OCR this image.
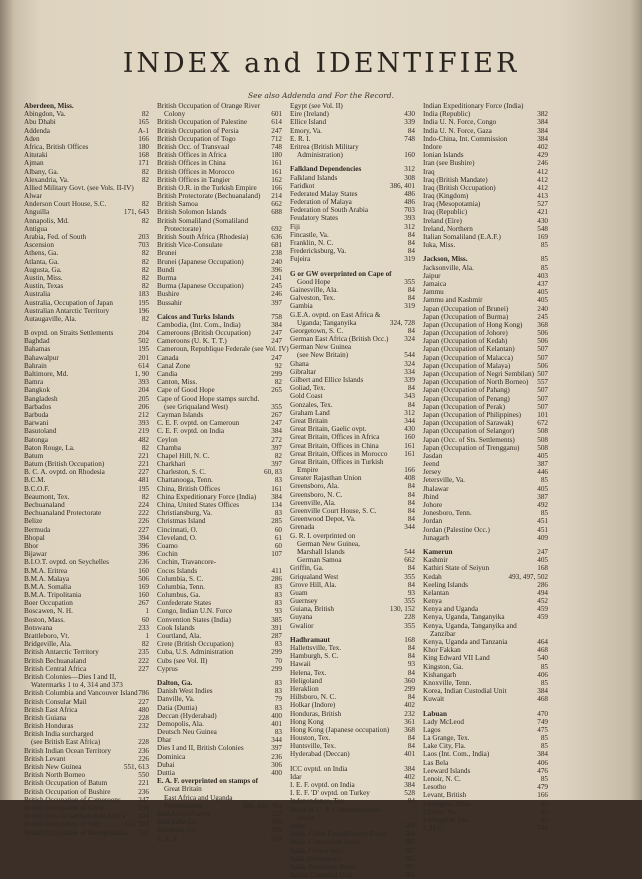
INDEX and IDENTIFIER
See also Addenda and For the Record.
Aberdeen, Miss.
Abingdon, Va.	82
Abu Dhabi	165
Addenda	A-1
Aden	166
Africa, British Offices	180
Aitutaki	168
Ajman	171
Albany, Ga.	82
Alexandria, Va.	82
Allied Military Govt. (see Vols. II-IV)
Alwar
Anderson Court House, S.C.	82
Anguilla	171, 643
Annapolis, Md.	82
Antigua
Arabia, Fed. of South	203
Ascension	703
Athens, Ga.	82
Atlanta, Ga.	82
Augusta, Ga.	82
Austin, Miss.	82
Austin, Texas	82
Australia	183
Australia, Occupation of Japan	195
Australian Antarctic Territory	196
Autaugaville, Ala.	82
B ovptd. on Straits Settlements	204
Baghdad	502
Bahamas	195
Bahawalpur	201
Bahrain	614
Baltimore, Md.	1, 90
Bamra	393
Bangkok	204
Bangladesh	205
Barbados	206
Barbuda	212
Barwani	393
Basutoland	219
Batonga	482
Baton Rouge, La.	82
Batum	221
Batum (British Occupation)	221
B. C. A. ovptd. on Rhodesia	227
B.C.M.	481
B.C.O.F.	195
Beaumont, Tex.	82
Bechuanaland	224
Bechuanaland Protectorate	222
Belize	226
Bermuda	227
Bhopal	394
Bhor	396
Bijawar	396
B.I.O.T. ovptd. on Seychelles	236
B.M.A. Eritrea	160
B.M.A. Malaya	506
B.M.A. Somalia	169
B.M.A. Tripolitania	160
Boer Occupation	267
Boscawen, N. H.	1
Boston, Mass.	60
Botswana	233
Brattleboro, Vt.	1
Bridgeville, Ala.	82
British Antarctic Territory	235
British Bechuanaland	222
British Central Africa	227
British Colonies—Dies I and II,
Watermarks 1 to 4, 314 and 373
British Columbia and Vancouver Island 786
British Consular Mail	227
British East Africa	480
British Guiana	228
British Honduras	232
British India surcharged
(see British East Africa)	228
British Indian Ocean Territory	236
British Levant	226
British New Guinea	551, 613
British North Borneo	550
British Occupation of Batum	221
British Occupation of Bushire	236
British Occupation of Cameroons 247
British Occupation of Crete	299
British Occ. of German East Africa 324
British Occupation of Iraq	412, 324
British Occupation of Mesopotamia 527
British Occupation of Orange River
Colony	601
British Occupation of Palestine	614
British Occupation of Persia	247
British Occupation of Togo	712
British Occ. of Transvaal	748
British Offices in Africa	180
British Offices in China	161
British Offices in Morocco	161
British Offices in Tangier	162
British O.R. in the Turkish Empire 166
British Protectorate (Bechuanaland) 214
British Samoa	662
British Solomon Islands	688
British Somaliland (Somaliland
Protectorate)	692
British South Africa (Rhodesia)	636
British Vice-Consulate	681
Brunei	238
Brunei (Japanese Occupation)	240
Bundi	396
Burma	241
Burma (Japanese Occupation)	245
Bushire	246
Bussahir	397
Caicos and Turks Islands	758
Cambodia, (Int. Com., India)	384
Cameroons (British Occupation)	247
Cameroons (U. K. T. T.)	247
Cameroun, Republique Federale (see Vol. IV)
Canada	247
Canal Zone	92
Candia	299
Canton, Miss.	82
Cape of Good Hope	265
Cape of Good Hope stamps surchd.
(see Griqualand West)	355
Cayman Islands	267
C. E. F. ovptd. on Cameroun	247
C. E. F. ovptd. on India	384
Ceylon	272
Chamba	397
Chapel Hill, N. C.	82
Charkhari	397
Charleston, S. C.	60, 83
Chattanooga, Tenn.	83
China, British Offices	161
China Expeditionary Force (India) 384
China, United States Offices	134
Christiansburg, Va.	83
Christmas Island	285
Cincinnati, O.	60
Cleveland, O.	61
Coamo	60
Cochin	107
Cochin, Travancore-
Cocos Islands	411
Columbia, S. C.	286
Columbia, Tenn.	83
Columbus, Ga.	83
Confederate States	83
Congo, Indian U.N. Force	93
Convention States (India)	385
Cook Islands	391
Courtland, Ala.	287
Crete (British Occupation)	83
Cuba, U.S. Administration	299
Cubs (see Vol. II)	70
Cyprus	299
Dalton, Ga.	83
Danish West Indies	83
Danville, Va.	79
Datia (Duttia)	83
Deccan (Hyderabad)	400
Demopolis, Ala.	401
Deutsch Neu Guinea	83
Dhar	344
Dies I and II, British Colonies	397
Dominica	236
Dubai	306
Duttia	400
E. A. F. overprinted on stamps of
Great Britain
East Africa and Uganda
Protectorates	308, 459, 764
East Africa Forces	227
East India Co.	160
Eatonton, Ga.	369
E. E. F.	614
Egypt (see Vol. II)
Eire (Ireland)	430
Ellice Island	339
Emory, Va.	84
E. R. I.	748
Eritrea (British Military
Administration)	160
Falkland Dependencies	312
Falkland Islands	308
Faridkot	386, 401
Federated Malay States	486
Federation of Malaya	486
Federation of South Arabia	703
Feudatory States	393
Fiji	312
Fincastle, Va.	84
Franklin, N. C.	84
Fredericksburg, Va.	84
Fujeira	319
G or GW overprinted on Cape of
Good Hope	355
Gainesville, Ala.	84
Galveston, Tex.	84
Gambia	319
G.E.A. ovptd. on East Africa &
Uganda; Tanganyika	324, 728
Georgetown, S. C.	84
German East Africa (British Occ.) 324
German New Guinea
(see New Britain)	544
Ghana	324
Gibraltar	334
Gilbert and Ellice Islands	339
Goliad, Tex.	84
Gold Coast	343
Gonzales, Tex.	84
Graham Land	312
Great Britain	344
Great Britain, Gaelic ovpt.	430
Great Britain, Offices in Africa	160
Great Britain, Offices in China	161
Great Britain, Offices in Morocco 161
Great Britain, Offices in Turkish
Empire	166
Greater Rajasthan Union	408
Greensboro, Ala.	84
Greensboro, N. C.	84
Greenville, Ala.	84
Greenville Court House, S. C.	84
Greenwood Depot, Va.	84
Grenada	344
G. R. I. overprinted on
German New Guinea,
Marshall Islands	544
German Samoa	662
Griffin, Ga.	84
Griqualand West	355
Grove Hill, Ala.	84
Guam	93
Guernsey	355
Guiana, British	130, 152
Guyana	228
Gwalior	355
Hadhramaut	168
Hallettsville, Tex.	84
Hamburgh, S. C.	84
Hawaii	93
Helena, Tex.	84
Heligoland	360
Heraklion	299
Hillsboro, N. C.	84
Holkar (Indore)	402
Honduras, British	232
Hong Kong	361
Hong Kong (Japanese occupation) 368
Houston, Tex.	84
Huntsville, Tex.	84
Hyderabad (Deccan)	401
ICC ovptd. on India	384
Idar	402
I. E. F. ovptd. on India	384
I. E. F. 'D' ovptd. on Turkey	528
Independence, Tex.	84
Index of U. S. Commemorative
Issues
India	369
India, China Expeditionary Force	384
India, Convention States	385
India, Crown ovpt.	387
India (Dominion)	382
India, Feudatory States	393
Indian Custodial Unit	384
Indian Expeditionary Force (India)
India (Republic)	382
India U. N. Force, Congo	384
India U. N. Force, Gaza	384
Indo-China, Int. Commission	384
Indore	402
Ionian Islands	429
Iran (see Bushire)	246
Iraq	412
Iraq (British Mandate)	412
Iraq (British Occupation)	412
Iraq (Kingdom)	413
Iraq (Mesopotamia)	527
Iraq (Republic)	421
Ireland (Eire)	430
Ireland, Northern	548
Italian Somaliland (E.A.F.)	169
Iuka, Miss.	85
Jackson, Miss.	85
Jacksonville, Ala.	85
Jaipur	403
Jamaica	437
Jammu	405
Jammu and Kashmir	405
Japan (Occupation of Brunei)	240
Japan (Occupation of Burma)	245
Japan (Occupation of Hong Kong) 368
Japan (Occupation of Johore)	506
Japan (Occupation of Kedah)	506
Japan (Occupation of Kelantan)	507
Japan (Occupation of Malacca)	507
Japan (Occupation of Malaya)	506
Japan (Occupation of Negri Sembilan) 507
Japan (Occupation of North Borneo) 557
Japan (Occupation of Pahang)	507
Japan (Occupation of Penang)	507
Japan (Occupation of Perak)	507
Japan (Occupation of Philippines) 101
Japan (Occupation of Sarawak)	672
Japan (Occupation of Selangor)	508
Japan (Occ. of Sts. Settlements)	508
Japan (Occupation of Trengganu) 508
Jasdan	405
Jeend	387
Jersey	446
Jetersville, Va.	85
Jhalawar	405
Jhind	387
Johore	492
Jonesboro, Tenn.	85
Jordan	451
Jordan (Palestine Occ.)	451
Junagarh	409
Kamerun	247
Kashmir	405
Kathiri State of Seiyun	168
Kedah	493, 497, 502
Keeling Islands	286
Kelantan	494
Kenya	452
Kenya and Uganda	459
Kenya, Uganda, Tanganyika	459
Kenya, Uganda, Tanganyika and
Zanzibar
Kenya, Uganda and Tanzania	464
Khor Fakkan	468
King Edward VII Land	540
Kingston, Ga.	85
Kishangarh	406
Knoxville, Tenn.	85
Korea, Indian Custodial Unit	384
Kuwait	468
Labuan	470
Lady McLeod	749
Lagos	475
La Grange, Tex.	85
Lake City, Fla.	85
Laos (Int. Com., India)	384
Las Bela	406
Leeward Islands	476
Lenoir, N. C.	85
Lesotho	479
Levant, British	166
Lexington, Miss.	85
Liberty, Va.	85
Livingston, Ala.	85
L.M.C.	749
